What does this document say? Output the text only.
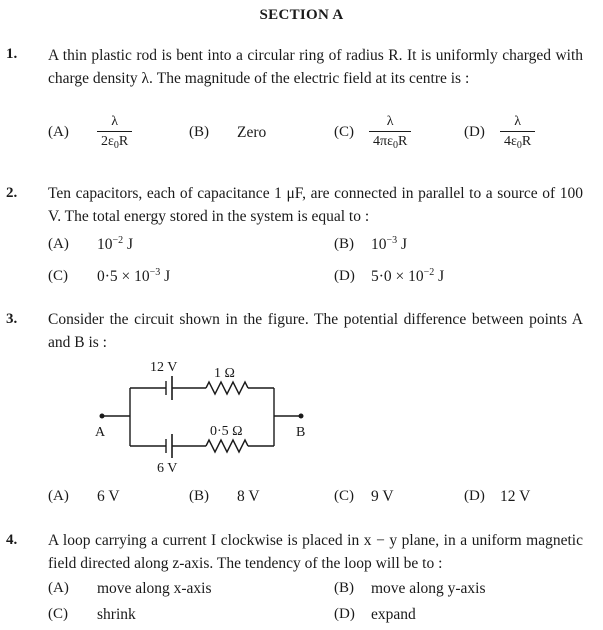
SECTION A
1. A thin plastic rod is bent into a circular ring of radius R. It is uniformly charged with charge density λ. The magnitude of the electric field at its centre is :
(A)
λ
$2\varepsilon_0R$
(B) Zero	(C)
λ
$4\pi\varepsilon_0R$
(D)
λ
$4\varepsilon_0R$
2. Ten capacitors, each of capacitance 1 μF, are connected in parallel to a source of 100 V. The total energy stored in the system is equal to :
(A) $10^{-2}$ J	(B) $10^{-3}$ J
(C) $0\cdot 5 \times 10^{-3}$ J	(D) $5\cdot 0 \times 10^{-2}$ J
3. Consider the circuit shown in the figure. The potential difference between points A and B is :
12 V	1 Ω
0·5 Ω
6 V
A	B
(A) 6 V	(B) 8 V	(C) 9 V	(D) 12 V
4. A loop carrying a current I clockwise is placed in x − y plane, in a uniform magnetic field directed along z-axis. The tendency of the loop will be to :
(A) move along x-axis	(B) move along y-axis
(C) shrink	(D) expand
